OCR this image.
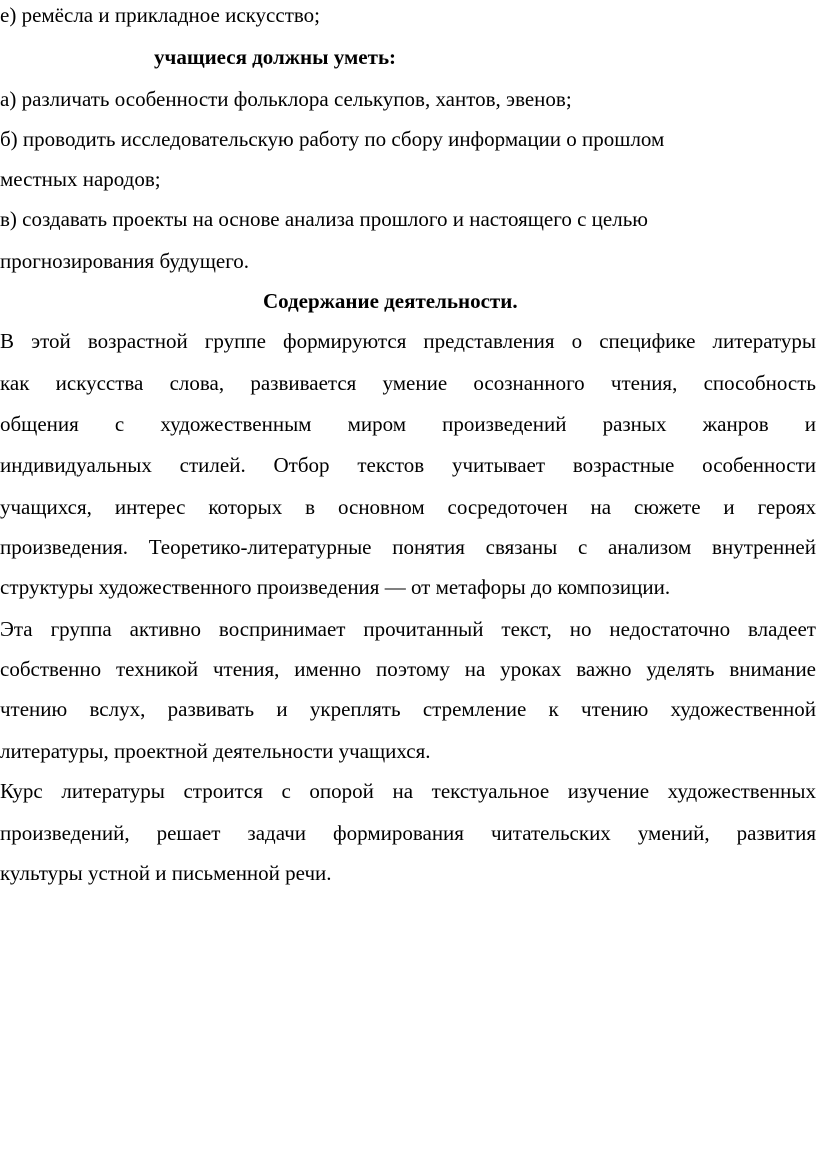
е) ремёсла и прикладное искусство;

учащиеся должны уметь:

а) различать особенности фольклора селькупов, хантов, эвенов;

б) проводить исследовательскую работу по сбору информации о прошлом

местных народов;

в) создавать проекты на основе анализа прошлого и настоящего с целью

прогнозирования будущего.

Содержание деятельности.

В этой возрастной группе формируются представления о специфике литературы

как искусства слова, развивается умение осознанного чтения, способность

общения с художественным миром произведений разных жанров и

индивидуальных стилей. Отбор текстов учитывает возрастные особенности

учащихся, интерес которых в основном сосредоточен на сюжете и героях

произведения. Теоретико-литературные понятия связаны с анализом внутренней

структуры художественного произведения — от метафоры до композиции.

Эта группа активно воспринимает прочитанный текст, но недостаточно владеет

собственно техникой чтения, именно поэтому на уроках важно уделять внимание

чтению вслух, развивать и укреплять стремление к чтению художественной

литературы, проектной деятельности учащихся.

Курс литературы строится с опорой на текстуальное изучение художественных

произведений, решает задачи формирования читательских умений, развития

культуры устной и письменной речи.
